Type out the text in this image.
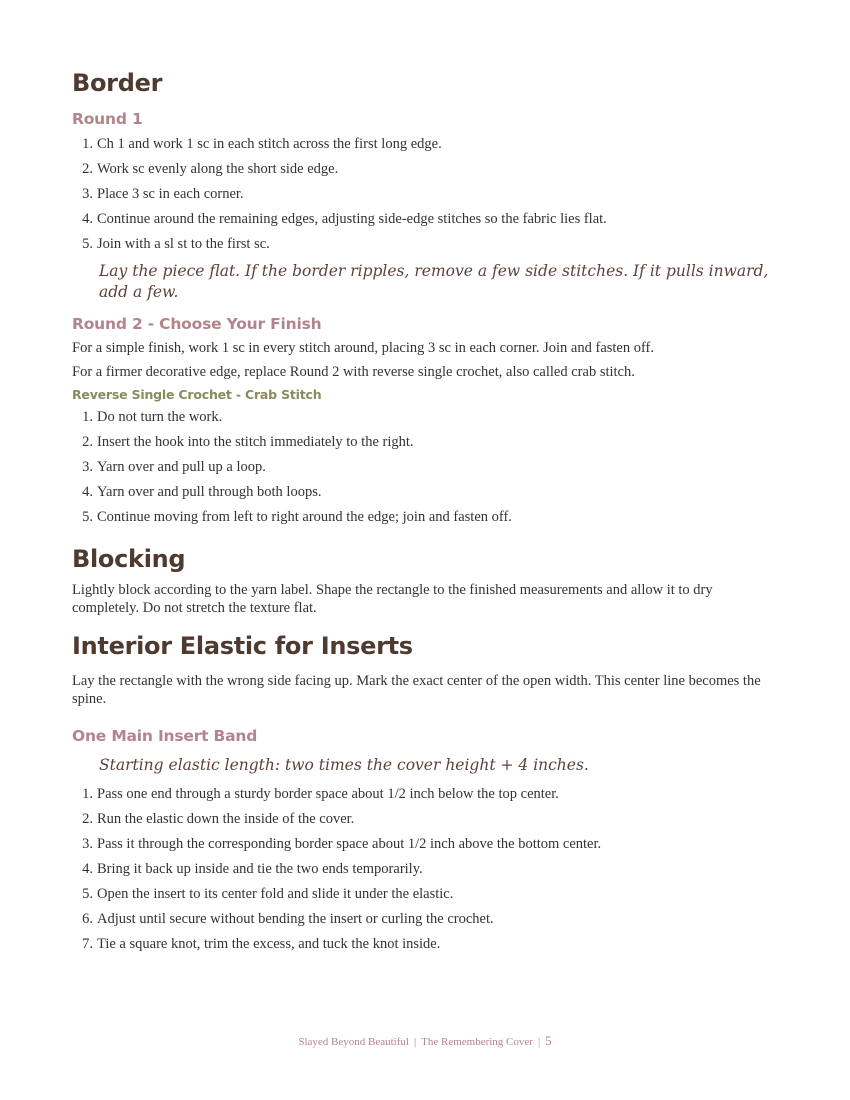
Border
Round 1
1. Ch 1 and work 1 sc in each stitch across the first long edge.
2. Work sc evenly along the short side edge.
3. Place 3 sc in each corner.
4. Continue around the remaining edges, adjusting side-edge stitches so the fabric lies flat.
5. Join with a sl st to the first sc.
Lay the piece flat. If the border ripples, remove a few side stitches. If it pulls inward, add a few.
Round 2 - Choose Your Finish

For a simple finish, work 1 sc in every stitch around, placing 3 sc in each corner. Join and fasten off.

For a firmer decorative edge, replace Round 2 with reverse single crochet, also called crab stitch.

Reverse Single Crochet - Crab Stitch
1. Do not turn the work.
2. Insert the hook into the stitch immediately to the right.
3. Yarn over and pull up a loop.
4. Yarn over and pull through both loops.
5. Continue moving from left to right around the edge; join and fasten off.
Blocking

Lightly block according to the yarn label. Shape the rectangle to the finished measurements and allow it to dry completely. Do not stretch the texture flat.

Interior Elastic for Inserts

Lay the rectangle with the wrong side facing up. Mark the exact center of the open width. This center line becomes the spine.

One Main Insert Band
Starting elastic length: two times the cover height + 4 inches.
1. Pass one end through a sturdy border space about 1/2 inch below the top center.
2. Run the elastic down the inside of the cover.
3. Pass it through the corresponding border space about 1/2 inch above the bottom center.
4. Bring it back up inside and tie the two ends temporarily.
5. Open the insert to its center fold and slide it under the elastic.
6. Adjust until secure without bending the insert or curling the crochet.
7. Tie a square knot, trim the excess, and tuck the knot inside.
Slayed Beyond Beautiful | The Remembering Cover | 5
